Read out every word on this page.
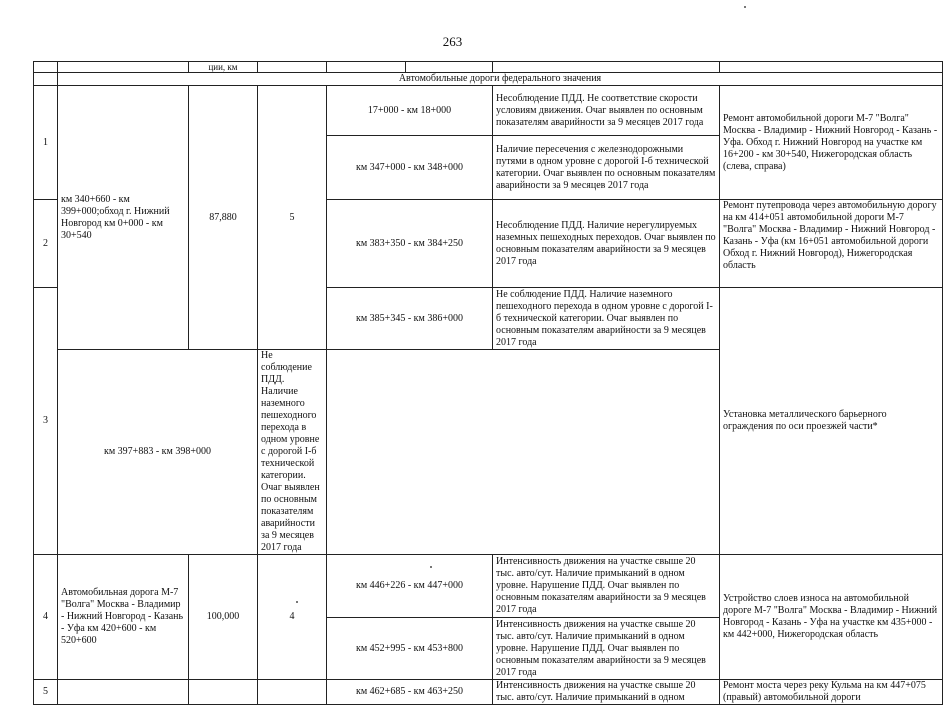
263
		ции, км					
	Автомобильные дороги федерального значения						
1	км 340+660 - км 399+000;обход г. Нижний Новгород км 0+000 - км 30+540	87,880	5	17+000 - км 18+000		Несоблюдение ПДД. Не соответствие скорости условиям движения. Очаг выявлен по основным показателям аварийности за 9 месяцев 2017 года	Ремонт автомобильной дороги М-7 "Волга" Москва - Владимир - Нижний Новгород - Казань - Уфа. Обход г. Нижний Новгород на участке км 16+200 - км 30+540, Нижегородская область (слева, справа)
				км 347+000 - км 348+000		Наличие пересечения с железнодорожными путями в одном уровне с дорогой I-б технической категории. Очаг выявлен по основным показателям аварийности за 9 месяцев 2017 года	
2				км 383+350 - км 384+250		Несоблюдение ПДД. Наличие нерегулируемых наземных пешеходных переходов. Очаг выявлен по основным показателям аварийности за 9 месяцев 2017 года	Ремонт путепровода через автомобильную дорогу на км 414+051 автомобильной дороги М-7 "Волга" Москва - Владимир - Нижний Новгород - Казань - Уфа (км 16+051 автомобильной дороги Обход г. Нижний Новгород), Нижегородская область
3				км 385+345 - км 386+000		Не соблюдение ПДД. Наличие наземного пешеходного перехода в одном уровне с дорогой I-б технической категории. Очаг выявлен по основным показателям аварийности за 9 месяцев 2017 года	Установка металлического барьерного ограждения по оси проезжей части*
	км 397+883 - км 398+000		Не соблюдение ПДД. Наличие наземного пешеходного перехода в одном уровне с дорогой I-б технической категории. Очаг выявлен по основным показателям аварийности за 9 месяцев 2017 года				
4	Автомобильная дорога М-7 "Волга" Москва - Владимир - Нижний Новгород - Казань - Уфа км 420+600 - км 520+600	100,000	4	км 446+226 - км 447+000		Интенсивность движения на участке свыше 20 тыс. авто/сут. Наличие примыканий в одном уровне. Нарушение ПДД. Очаг выявлен по основным показателям аварийности за 9 месяцев 2017 года	Устройство слоев износа на автомобильной дороге М-7 "Волга" Москва - Владимир - Нижний Новгород - Казань - Уфа на участке км 435+000 - км 442+000, Нижегородская область
				км 452+995 - км 453+800		Интенсивность движения на участке свыше 20 тыс. авто/сут. Наличие примыканий в одном уровне. Нарушение ПДД. Очаг выявлен по основным показателям аварийности за 9 месяцев 2017 года	
5				км 462+685 - км 463+250		Интенсивность движения на участке свыше 20 тыс. авто/сут. Наличие примыканий в одном	Ремонт моста через реку Кульма на км 447+075 (правый) автомобильной дороги
